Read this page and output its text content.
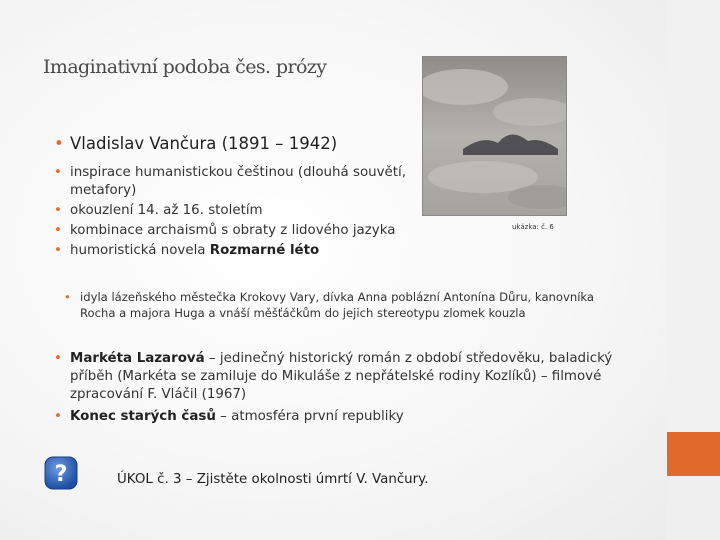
Imaginativní podoba čes. prózy
ukázka: č. 6
• Vladislav Vančura (1891 – 1942)
• inspirace humanistickou češtinou (dlouhá souvětí, metafory)
• okouzlení 14. až 16. stoletím
• kombinace archaismů s obraty z lidového jazyka
• humoristická novela Rozmarné léto
• idyla lázeňského městečka Krokovy Vary, dívka Anna poblázní Antonína Důru, kanovníka Rocha a majora Huga a vnáší měšťáčkům do jejich stereotypu zlomek kouzla
• Markéta Lazarová – jedinečný historický román z období středověku, baladický příběh (Markéta se zamiluje do Mikuláše z nepřátelské rodiny Kozlíků) – filmové zpracování F. Vláčil (1967)
• Konec starých časů – atmosféra první republiky
?	ÚKOL č. 3 – Zjistěte okolnosti úmrtí V. Vančury.
